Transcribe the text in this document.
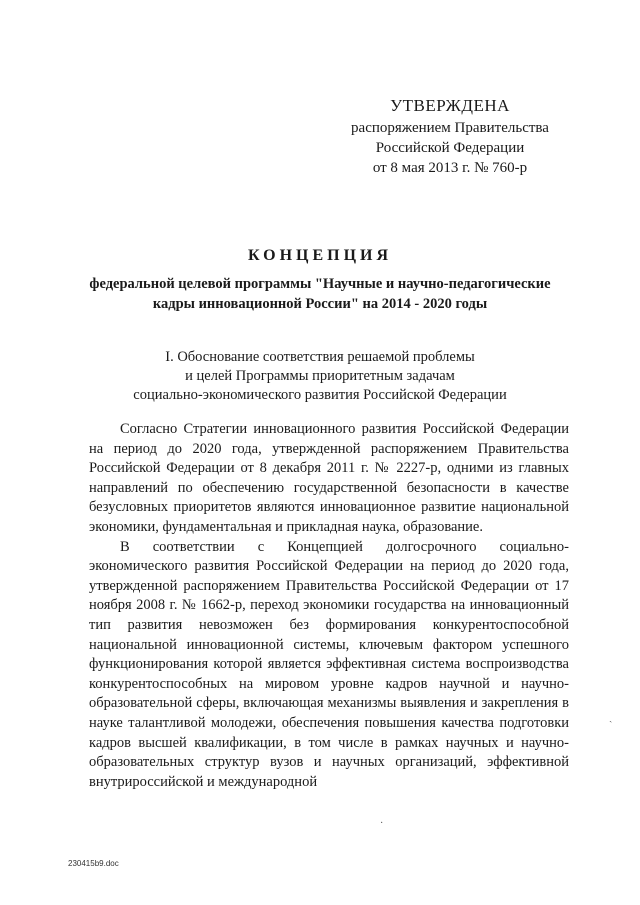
УТВЕРЖДЕНА
распоряжением Правительства
Российской Федерации
от 8 мая 2013 г. № 760-р
КОНЦЕПЦИЯ
федеральной целевой программы "Научные и научно-педагогические
кадры инновационной России" на 2014 - 2020 годы
I. Обоснование соответствия решаемой проблемы
и целей Программы приоритетным задачам
социально-экономического развития Российской Федерации

Согласно Стратегии инновационного развития Российской Федерации на период до 2020 года, утвержденной распоряжением Правительства Российской Федерации от 8 декабря 2011 г. № 2227-р, одними из главных направлений по обеспечению государственной безопасности в качестве безусловных приоритетов являются инновационное развитие национальной экономики, фундаментальная и прикладная наука, образование.

В соответствии с Концепцией долгосрочного социально-экономического развития Российской Федерации на период до 2020 года, утвержденной распоряжением Правительства Российской Федерации от 17 ноября 2008 г. № 1662-р, переход экономики государства на инновационный тип развития невозможен без формирования конкурентоспособной национальной инновационной системы, ключевым фактором успешного функционирования которой является эффективная система воспроизводства конкурентоспособных на мировом уровне кадров научной и научно-образовательной сферы, включающая механизмы выявления и закрепления в науке талантливой молодежи, обеспечения повышения качества подготовки кадров высшей квалификации, в том числе в рамках научных и научно-образовательных структур вузов и научных организаций, эффективной внутрироссийской и международной

ˎ
·
230415b9.doc
